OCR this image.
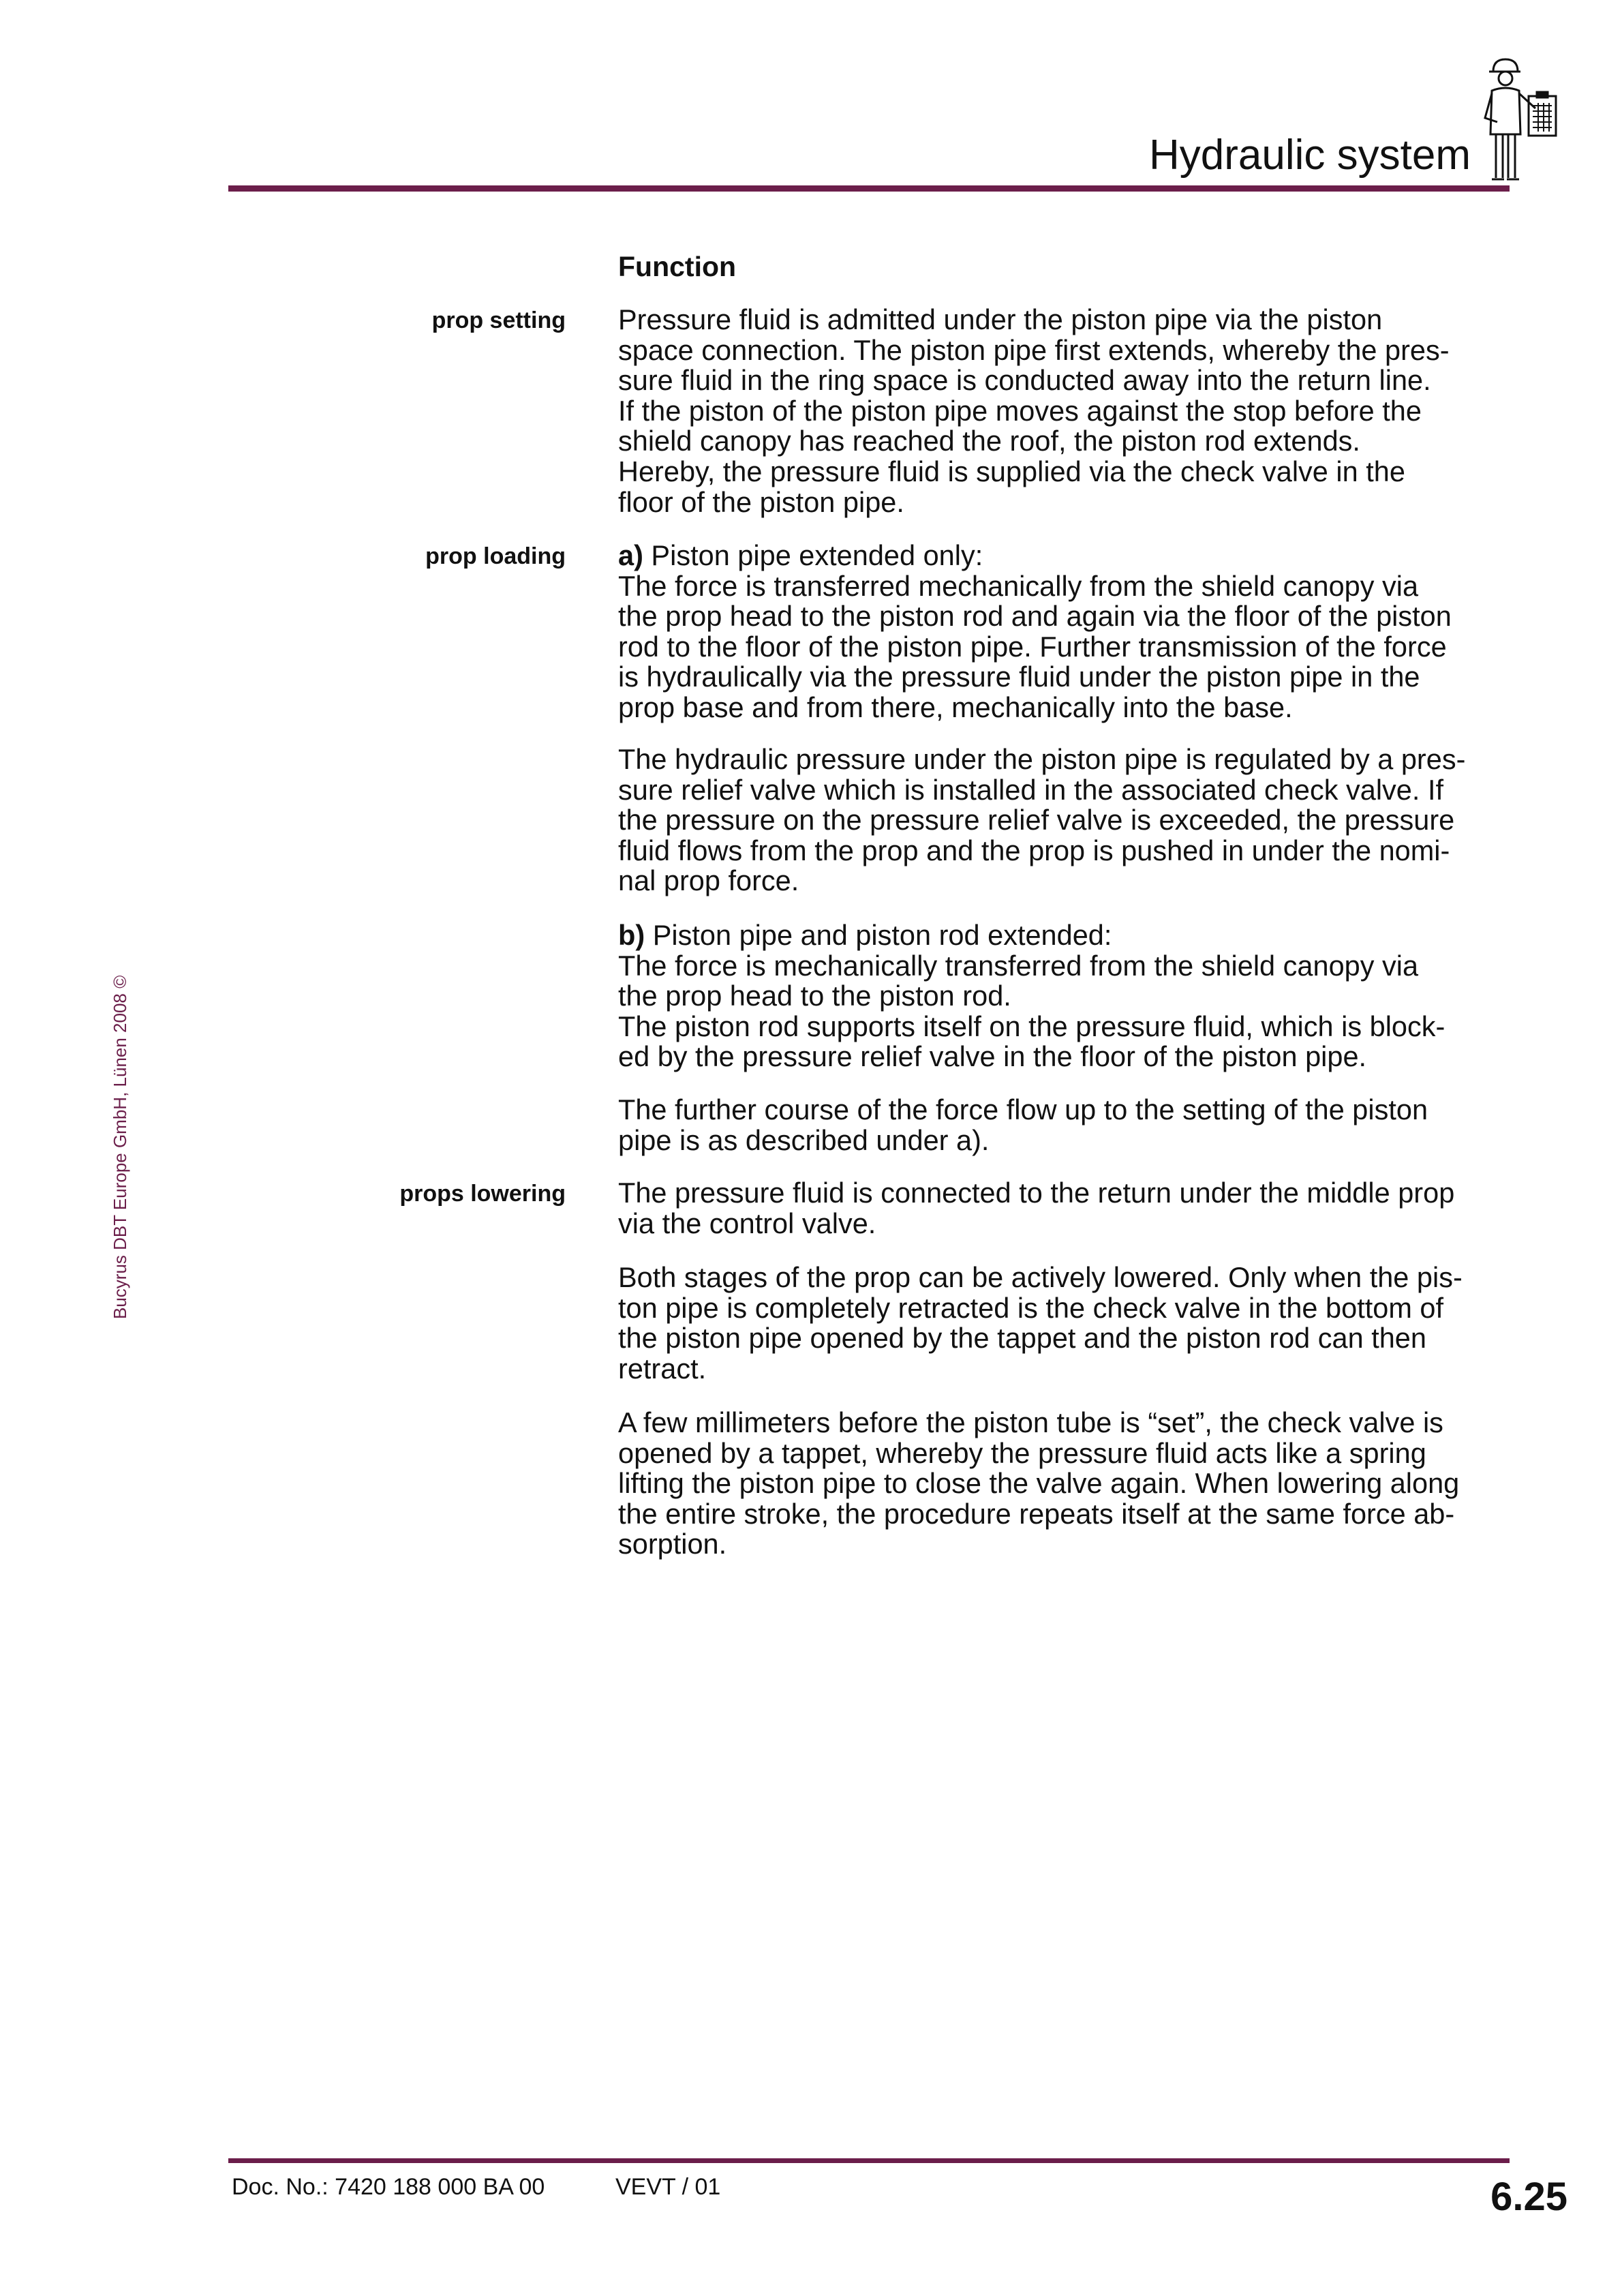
Hydraulic system
Function
prop setting Pressure fluid is admitted under the piston pipe via the piston
space connection. The piston pipe first extends, whereby the pres-
sure fluid in the ring space is conducted away into the return line.
If the piston of the piston pipe moves against the stop before the
shield canopy has reached the roof, the piston rod extends.
Hereby, the pressure fluid is supplied via the check valve in the
floor of the piston pipe.
prop loading a) Piston pipe extended only:
The force is transferred mechanically from the shield canopy via
the prop head to the piston rod and again via the floor of the piston
rod to the floor of the piston pipe. Further transmission of the force
is hydraulically via the pressure fluid under the piston pipe in the
prop base and from there, mechanically into the base.
The hydraulic pressure under the piston pipe is regulated by a pres-
sure relief valve which is installed in the associated check valve. If
the pressure on the pressure relief valve is exceeded, the pressure
fluid flows from the prop and the prop is pushed in under the nomi-
nal prop force.
b) Piston pipe and piston rod extended:
The force is mechanically transferred from the shield canopy via
the prop head to the piston rod.
The piston rod supports itself on the pressure fluid, which is block-
ed by the pressure relief valve in the floor of the piston pipe.
The further course of the force flow up to the setting of the piston
pipe is as described under a).
props lowering The pressure fluid is connected to the return under the middle prop
via the control valve.
Both stages of the prop can be actively lowered. Only when the pis-
ton pipe is completely retracted is the check valve in the bottom of
the piston pipe opened by the tappet and the piston rod can then
retract.
A few millimeters before the piston tube is “set”, the check valve is
opened by a tappet, whereby the pressure fluid acts like a spring
lifting the piston pipe to close the valve again. When lowering along
the entire stroke, the procedure repeats itself at the same force ab-
sorption.
Bucyrus DBT Europe GmbH, Lünen 2008 ©
Doc. No.: 7420 188 000 BA 00	VEVT / 01	6.25
